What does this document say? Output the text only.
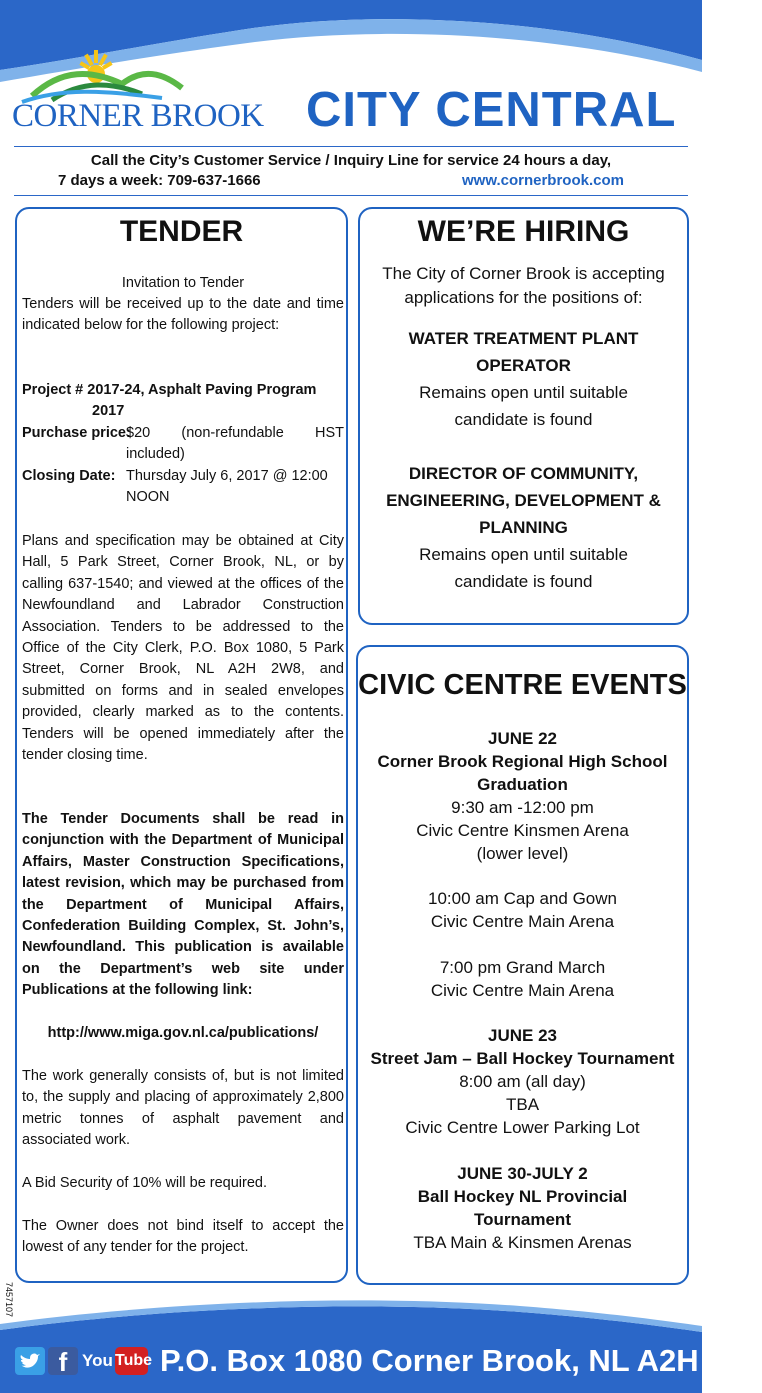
CORNER BROOK CITY CENTRAL
Call the City’s Customer Service / Inquiry Line for service 24 hours a day,
7 days a week: 709-637-1666	www.cornerbrook.com
TENDER
Invitation to Tender
Tenders will be received up to the date and time indicated below for the following project:
Project # 2017-24, Asphalt Paving Program
2017
Purchase price:$20 (non-refundable HST included)
Closing Date: Thursday July 6, 2017 @ 12:00 NOON
Plans and specification may be obtained at City Hall, 5 Park Street, Corner Brook, NL, or by calling 637-1540; and viewed at the offices of the Newfoundland and Labrador Construction Association. Tenders to be addressed to the Office of the City Clerk, P.O. Box 1080, 5 Park Street, Corner Brook, NL A2H 2W8, and submitted on forms and in sealed envelopes provided, clearly marked as to the contents. Tenders will be opened immediately after the tender closing time.
The Tender Documents shall be read in conjunction with the Department of Municipal Affairs, Master Construction Specifications, latest revision, which may be purchased from the Department of Municipal Affairs, Confederation Building Complex, St. John’s, Newfoundland. This publication is available on the Department’s web site under Publications at the following link:
http://www.miga.gov.nl.ca/publications/
The work generally consists of, but is not limited to, the supply and placing of approximately 2,800 metric tonnes of asphalt pavement and associated work.
A Bid Security of 10% will be required.
The Owner does not bind itself to accept the lowest of any tender for the project.
WE’RE HIRING
The City of Corner Brook is accepting applications for the positions of:
WATER TREATMENT PLANT OPERATOR
Remains open until suitable candidate is found
DIRECTOR OF COMMUNITY, ENGINEERING, DEVELOPMENT & PLANNING
Remains open until suitable candidate is found
CIVIC CENTRE EVENTS
JUNE 22
Corner Brook Regional High School Graduation
9:30 am -12:00 pm
Civic Centre Kinsmen Arena (lower level)
10:00 am Cap and Gown
Civic Centre Main Arena
7:00 pm Grand March
Civic Centre Main Arena
JUNE 23
Street Jam – Ball Hockey Tournament
8:00 am (all day)
TBA
Civic Centre Lower Parking Lot
JUNE 30-JULY 2
Ball Hockey NL Provincial Tournament
TBA Main & Kinsmen Arenas
7457107
f You Tube P.O. Box 1080 Corner Brook, NL A2H 6E1
